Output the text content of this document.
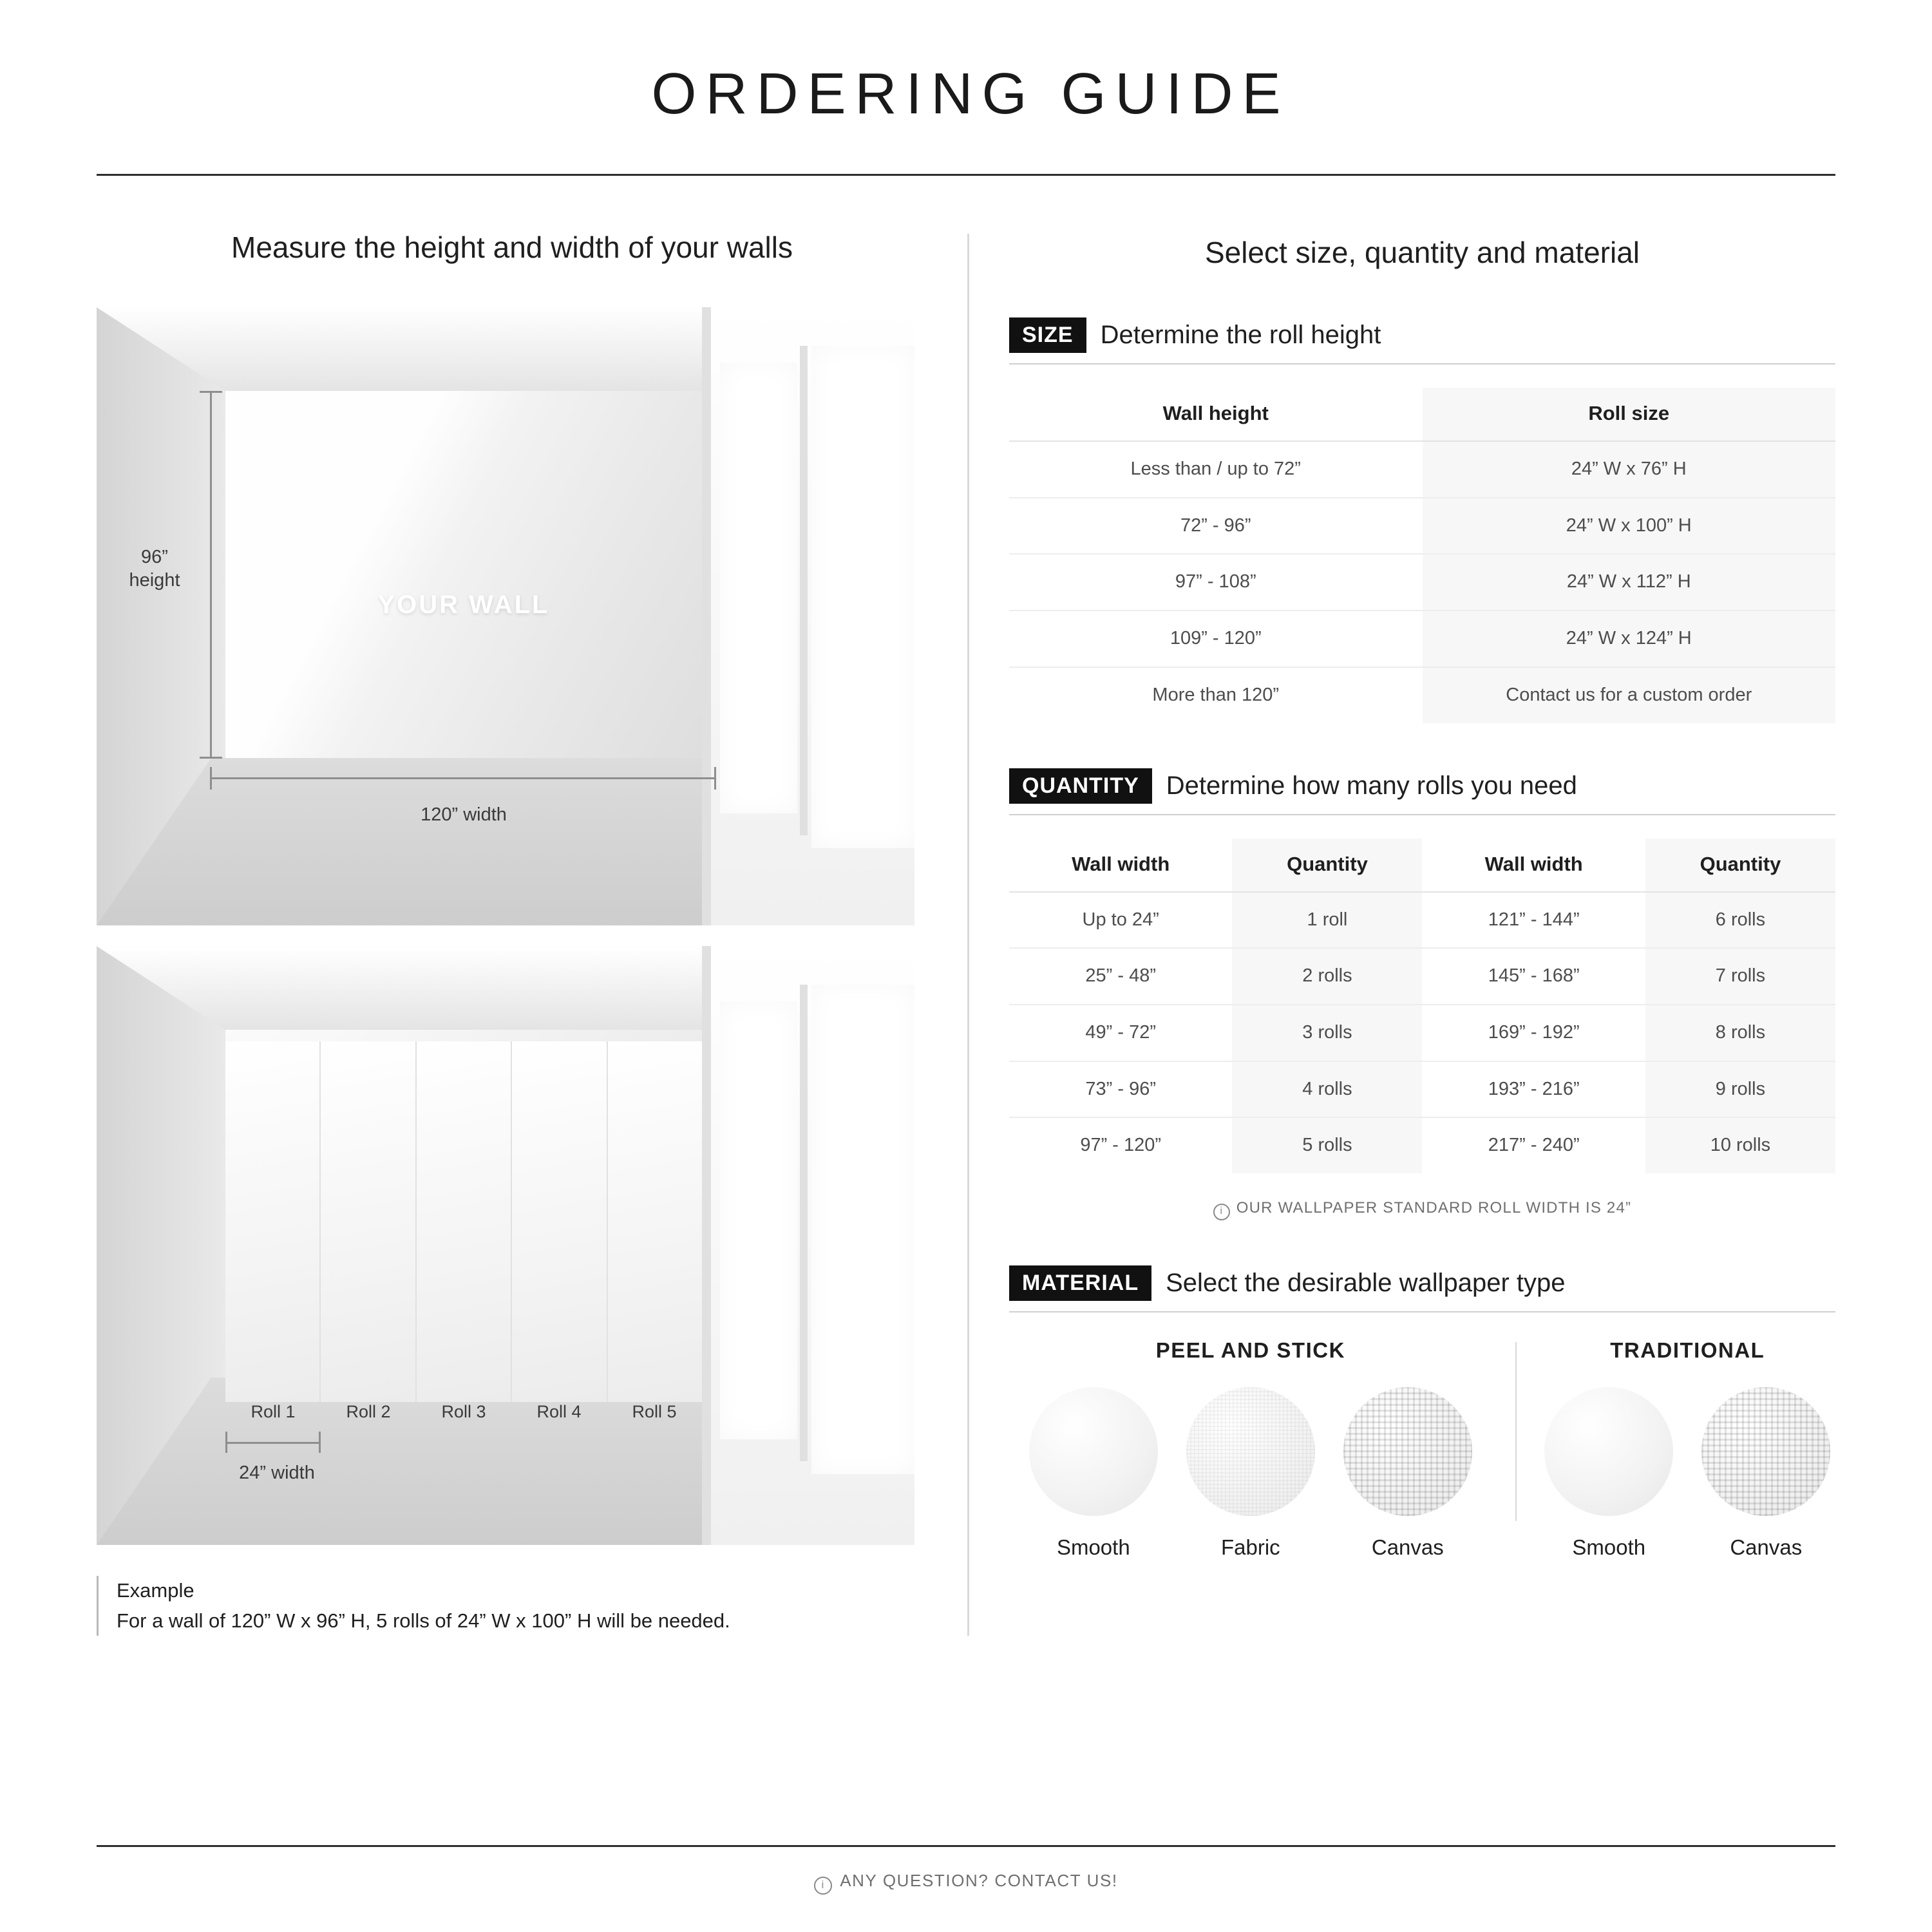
ORDERING GUIDE
Measure the height and width of your walls
YOUR WALL
96”
height
120” width
Roll 1	Roll 2	Roll 3	Roll 4	Roll 5
24” width
Example
For a wall of 120” W x 96” H, 5 rolls of 24” W x 100” H will be needed.
Select size, quantity and material
SIZE	Determine the roll height
Wall height	Roll size
Less than / up to 72”	24” W x 76” H
72” - 96”	24” W x 100” H
97” - 108”	24” W x 112” H
109” - 120”	24” W x 124” H
More than 120”	Contact us for a custom order
QUANTITY	Determine how many rolls you need
Wall width	Quantity	Wall width	Quantity
Up to 24”	1 roll	121” - 144”	6 rolls
25” - 48”	2 rolls	145” - 168”	7 rolls
49” - 72”	3 rolls	169” - 192”	8 rolls
73” - 96”	4 rolls	193” - 216”	9 rolls
97” - 120”	5 rolls	217” - 240”	10 rolls
i OUR WALLPAPER STANDARD ROLL WIDTH IS 24”
MATERIAL	Select the desirable wallpaper type
PEEL AND STICK
Smooth	Fabric	Canvas
TRADITIONAL
Smooth	Canvas
i ANY QUESTION? CONTACT US!
